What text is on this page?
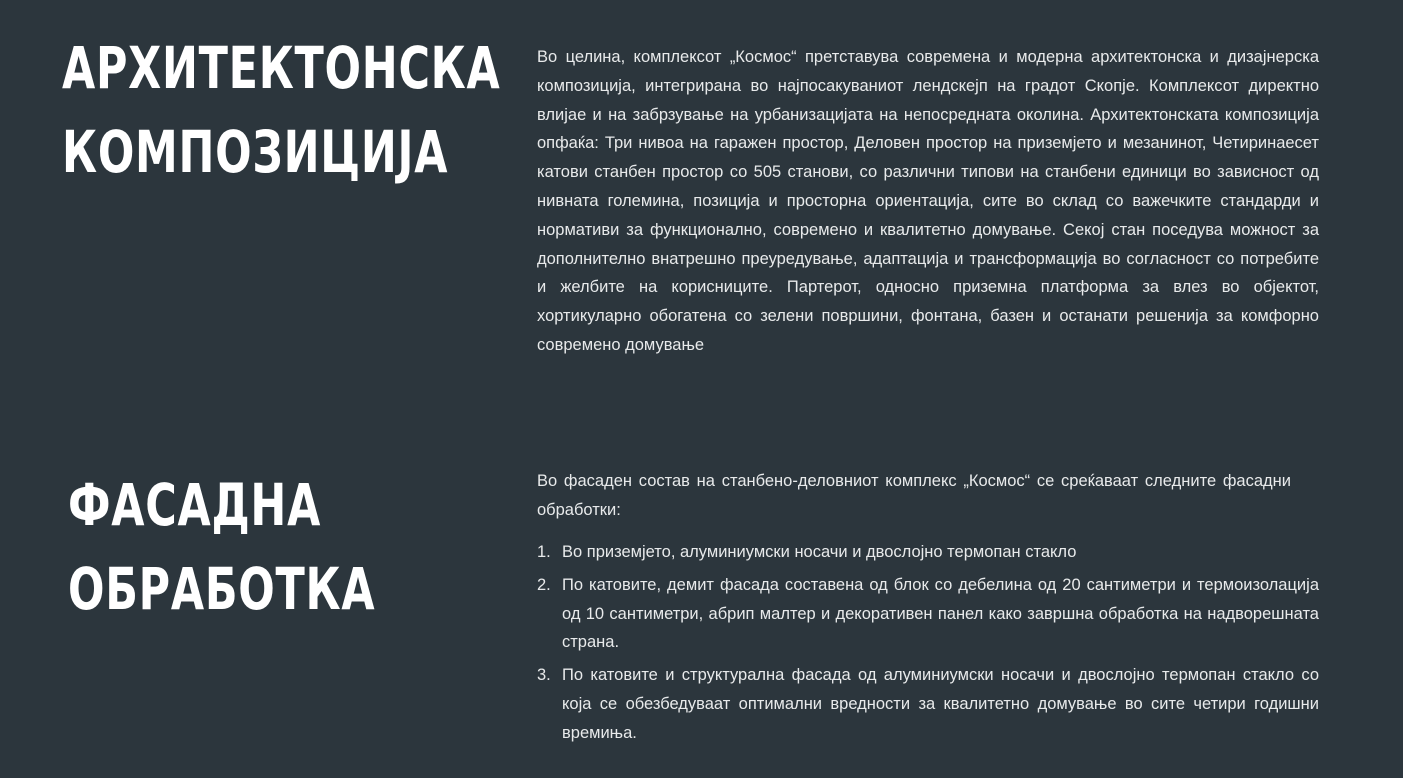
АРХИТЕКТОНСКА
КОМПОЗИЦИЈА

Во целина, комплексот „Космос“ претставува современа и модерна архитектонска и дизајнерска композиција, интегрирана во најпосакуваниот лендскејп на градот Скопје. Комплексот директно влијае и на забрзување на урбанизацијата на непосредната околина. Архитектонската композиција опфаќа: Три нивоа на гаражен простор, Деловен простор на приземјето и мезанинот, Четиринаесет катови станбен простор со 505 станови, со различни типови на станбени единици во зависност од нивната големина, позиција и просторна ориентација, сите во склад со важечките стандарди и нормативи за функционално, современо и квалитетно домување. Секој стан поседува можност за дополнително внатрешно преуредување, адаптација и трансформација во согласност со потребите и желбите на корисниците. Партерот, односно приземна платформа за влез во објектот, хортикуларно обогатена со зелени површини, фонтана, базен и останати решенија за комфорно современо домување

ФАСАДНА
ОБРАБОТКА

Во фасаден состав на станбено-деловниот комплекс „Космос“ се среќаваат следните фасадни обработки:

1. Во приземјето, алуминиумски носачи и двослојно термопан стакло
2. По катовите, демит фасада составена од блок со дебелина од 20 сантиметри и термоизолација од 10 сантиметри, абрип малтер и декоративен панел како завршна обработка на надворешната страна.
3. По катовите и структурална фасада од алуминиумски носачи и двослојно термопан стакло со која се обезбедуваат оптимални вредности за квалитетно домување во сите четири годишни времиња.
